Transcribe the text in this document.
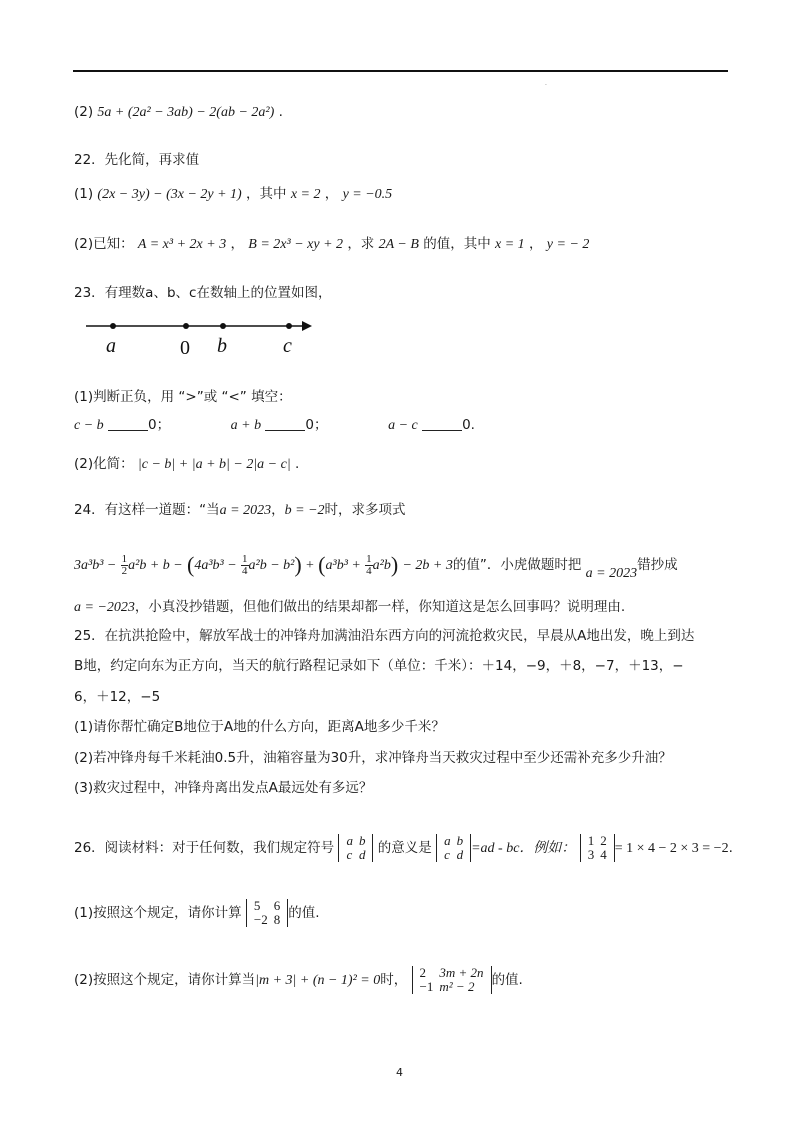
·
(2) 5a + (2a² − 3ab) − 2(ab − 2a²) .
22．先化简，再求值
(1) (2x − 3y) − (3x − 2y + 1) ，其中 x = 2 ， y = −0.5
(2)已知： A = x³ + 2x + 3 ， B = 2x³ − xy + 2 ，求 2A − B 的值，其中 x = 1 ， y = − 2
23．有理数a、b、c在数轴上的位置如图，
a	0 b	c
(1)判断正负，用 “>”或 “<” 填空：
c − b	0；	a + b	0；	a − c	0.
(2)化简： |c − b| + |a + b| − 2|a − c| .
24．有这样一道题：“当a = 2023，b = −2时，求多项式
$3a^3b^3 - \frac{1}{2} a^2b + b - (4a^3b^3 - \frac{1}{4} a^2b - b^2) + (a^3b^3 + \frac{1}{4} a^2b) - 2b + 3$的值”．小虎做题时把 a = 2023错抄成
a = −2023，小真没抄错题，但他们做出的结果却都一样，你知道这是怎么回事吗？说明理由.
25．在抗洪抢险中，解放军战士的冲锋舟加满油沿东西方向的河流抢救灾民，早晨从A地出发，晚上到达
B地，约定向东为正方向，当天的航行路程记录如下（单位：千米）：＋14，−9，＋8，−7，＋13，−
6，＋12，−5
(1)请你帮忙确定B地位于A地的什么方向，距离A地多少千米？
(2)若冲锋舟每千米耗油0.5升，油箱容量为30升，求冲锋舟当天救灾过程中至少还需补充多少升油？
(3)救灾过程中，冲锋舟离出发点A最远处有多远？
26．阅读材料：对于任何数，我们规定符号 a	b
c	d 的意义是 a	b
c	d =ad - bc．例如：
1	2
3	4 = 1 × 4 − 2 × 3 = −2.
(1)按照这个规定，请你计算 5	6
−2	8 的值.
(2)按照这个规定，请你计算当|m + 3| + (n − 1)² = 0时， 2	3m + 2n
−1	m² − 2 的值.
4
